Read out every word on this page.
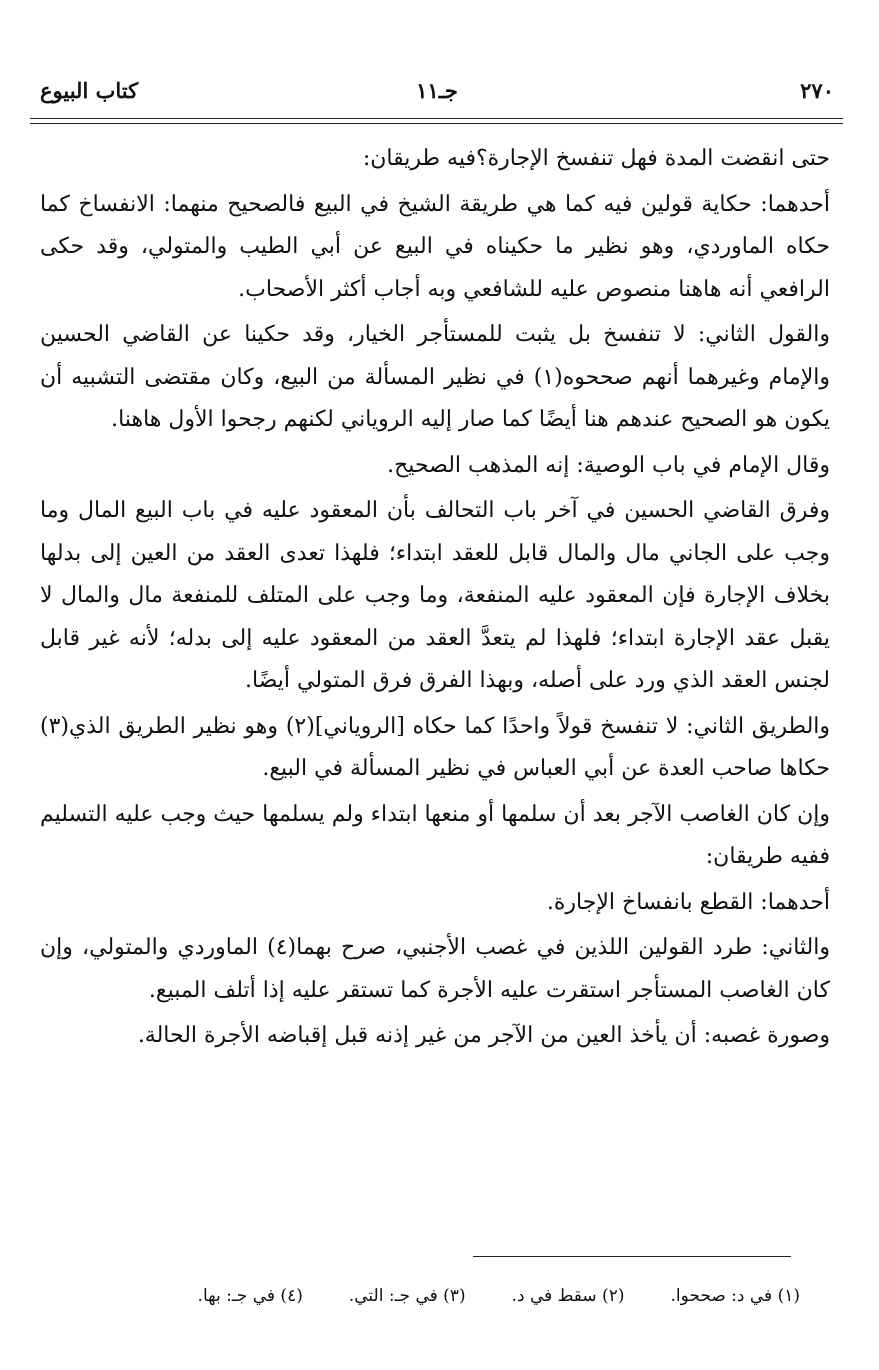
٢٧٠
جـ١١
كتاب البيوع

حتى انقضت المدة فهل تنفسخ الإجارة؟فيه طريقان:

أحدهما: حكاية قولين فيه كما هي طريقة الشيخ في البيع فالصحيح منهما: الانفساخ كما حكاه الماوردي، وهو نظير ما حكيناه في البيع عن أبي الطيب والمتولي، وقد حكى الرافعي أنه هاهنا منصوص عليه للشافعي وبه أجاب أكثر الأصحاب.

والقول الثاني: لا تنفسخ بل يثبت للمستأجر الخيار، وقد حكينا عن القاضي الحسين والإمام وغيرهما أنهم صححوه(١) في نظير المسألة من البيع، وكان مقتضى التشبيه أن يكون هو الصحيح عندهم هنا أيضًا كما صار إليه الروياني لكنهم رجحوا الأول هاهنا.

وقال الإمام في باب الوصية: إنه المذهب الصحيح.

وفرق القاضي الحسين في آخر باب التحالف بأن المعقود عليه في باب البيع المال وما وجب على الجاني مال والمال قابل للعقد ابتداء؛ فلهذا تعدى العقد من العين إلى بدلها بخلاف الإجارة فإن المعقود عليه المنفعة، وما وجب على المتلف للمنفعة مال والمال لا يقبل عقد الإجارة ابتداء؛ فلهذا لم يتعدَّ العقد من المعقود عليه إلى بدله؛ لأنه غير قابل لجنس العقد الذي ورد على أصله، وبهذا الفرق فرق المتولي أيضًا.

والطريق الثاني: لا تنفسخ قولاً واحدًا كما حكاه [الروياني](٢) وهو نظير الطريق الذي(٣) حكاها صاحب العدة عن أبي العباس في نظير المسألة في البيع.

وإن كان الغاصب الآجر بعد أن سلمها أو منعها ابتداء ولم يسلمها حيث وجب عليه التسليم ففيه طريقان:

أحدهما: القطع بانفساخ الإجارة.

والثاني: طرد القولين اللذين في غصب الأجنبي، صرح بهما(٤) الماوردي والمتولي، وإن كان الغاصب المستأجر استقرت عليه الأجرة كما تستقر عليه إذا أتلف المبيع.

وصورة غصبه: أن يأخذ العين من الآجر من غير إذنه قبل إقباضه الأجرة الحالة.

(١) في د: صححوا.
(٢) سقط في د.
(٣) في جـ: التي.
(٤) في جـ: بها.
